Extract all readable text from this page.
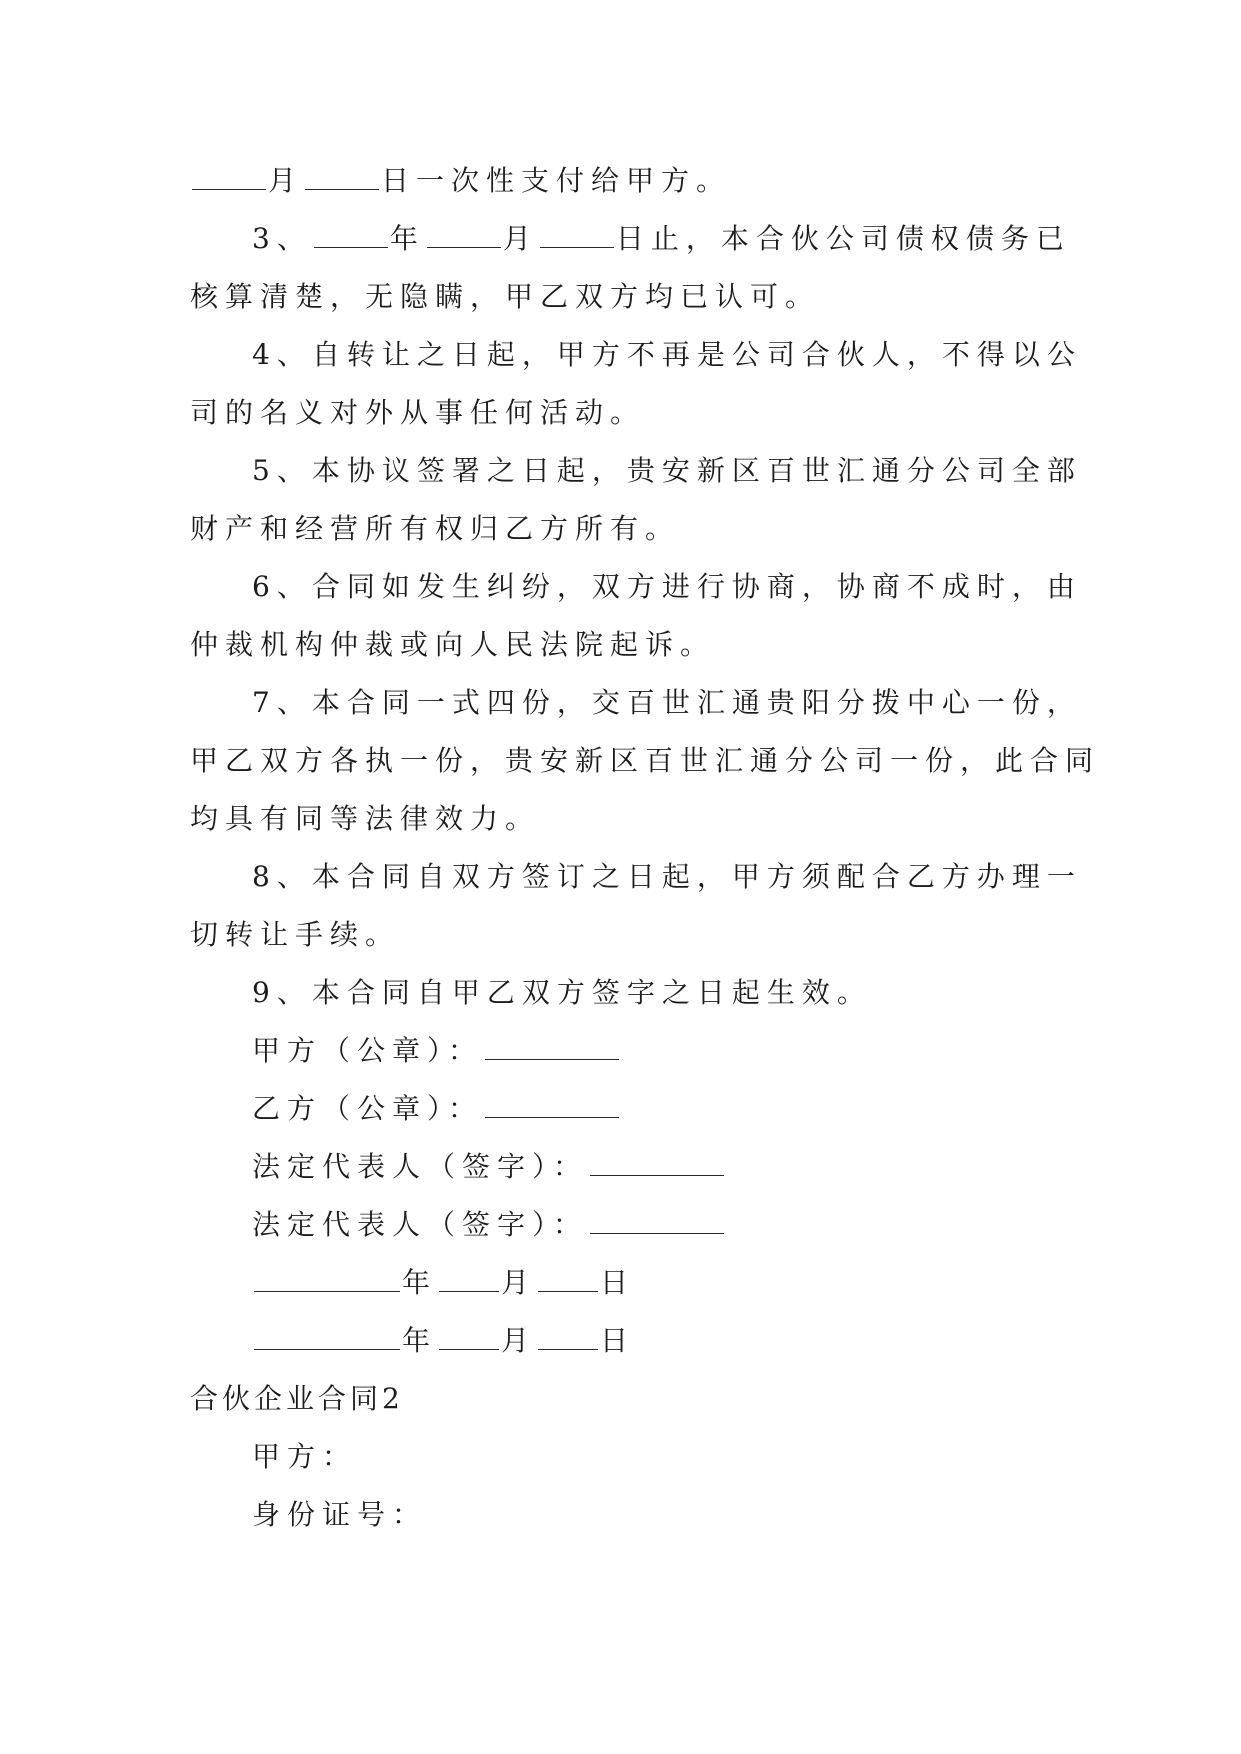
月	日一次性支付给甲方。

3、	年	月	日止，本合伙公司债权债务已

核算清楚，无隐瞒，甲乙双方均已认可。

4、自转让之日起，甲方不再是公司合伙人，不得以公

司的名义对外从事任何活动。

5、本协议签署之日起，贵安新区百世汇通分公司全部

财产和经营所有权归乙方所有。

6、合同如发生纠纷，双方进行协商，协商不成时，由

仲裁机构仲裁或向人民法院起诉。

7、本合同一式四份，交百世汇通贵阳分拨中心一份，

甲乙双方各执一份，贵安新区百世汇通分公司一份，此合同

均具有同等法律效力。

8、本合同自双方签订之日起，甲方须配合乙方办理一

切转让手续。

9、本合同自甲乙双方签字之日起生效。

甲方（公章）：

乙方（公章）：

法定代表人（签字）：

法定代表人（签字）：

年 月 日

年 月 日

合伙企业合同2

甲方：

身份证号：
